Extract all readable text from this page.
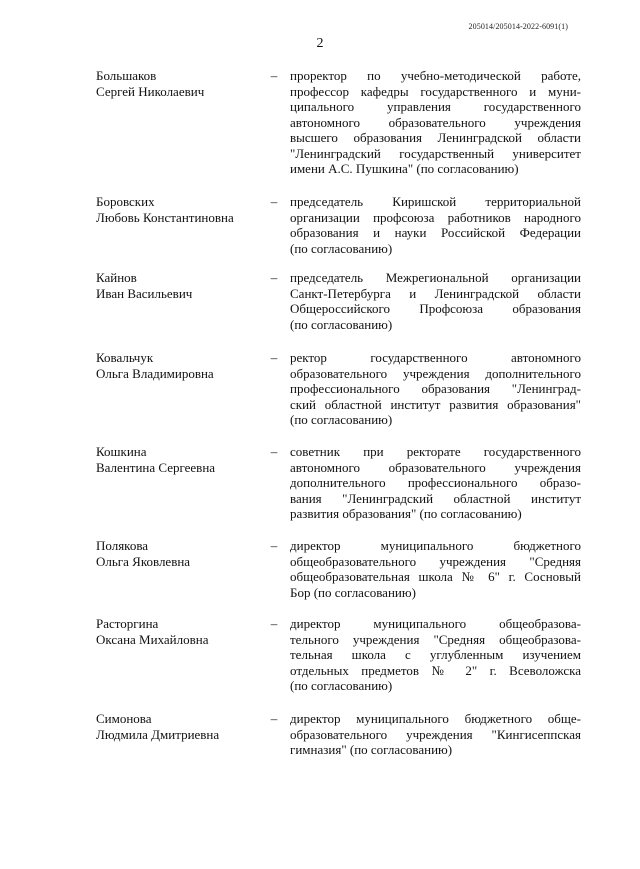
205014/205014-2022-6091(1)
2
Большаков
Сергей Николаевич
– проректор по учебно-методической работе,
профессор кафедры государственного и муни-
ципального управления государственного
автономного образовательного учреждения
высшего образования Ленинградской области
"Ленинградский государственный университет
имени А.С. Пушкина" (по согласованию)
Боровских
Любовь Константиновна
– председатель Киришской территориальной
организации профсоюза работников народного
образования и науки Российской Федерации
(по согласованию)
Кайнов
Иван Васильевич
– председатель Межрегиональной организации
Санкт-Петербурга и Ленинградской области
Общероссийского Профсоюза образования
(по согласованию)
Ковальчук
Ольга Владимировна
– ректор государственного автономного
образовательного учреждения дополнительного
профессионального образования "Ленинград-
ский областной институт развития образования"
(по согласованию)
Кошкина
Валентина Сергеевна
– советник при ректорате государственного
автономного образовательного учреждения
дополнительного профессионального образо-
вания "Ленинградский областной институт
развития образования" (по согласованию)
Полякова
Ольга Яковлевна
– директор муниципального бюджетного
общеобразовательного учреждения "Средняя
общеобразовательная школа № 6" г. Сосновый
Бор (по согласованию)
Расторгина
Оксана Михайловна
– директор муниципального общеобразова-
тельного учреждения "Средняя общеобразова-
тельная школа с углубленным изучением
отдельных предметов № 2" г. Всеволожска
(по согласованию)
Симонова
Людмила Дмитриевна
– директор муниципального бюджетного обще-
образовательного учреждения "Кингисеппская
гимназия" (по согласованию)
